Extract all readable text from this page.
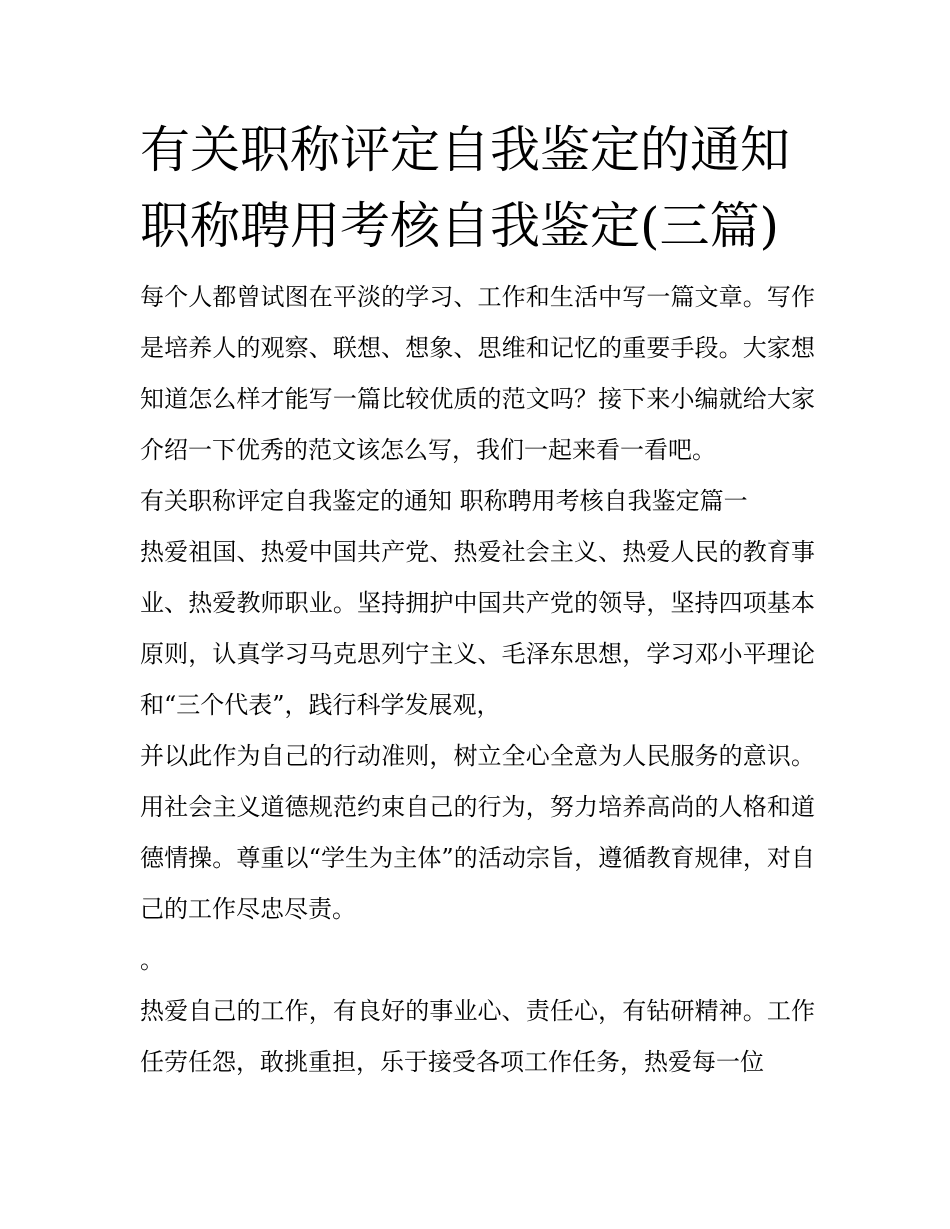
有关职称评定自我鉴定的通知
职称聘用考核自我鉴定(三篇)

每个人都曾试图在平淡的学习、工作和生活中写一篇文章。写作是培养人的观察、联想、想象、思维和记忆的重要手段。大家想知道怎么样才能写一篇比较优质的范文吗？接下来小编就给大家介绍一下优秀的范文该怎么写，我们一起来看一看吧。

有关职称评定自我鉴定的通知 职称聘用考核自我鉴定篇一

热爱祖国、热爱中国共产党、热爱社会主义、热爱人民的教育事业、热爱教师职业。坚持拥护中国共产党的领导，坚持四项基本原则，认真学习马克思列宁主义、毛泽东思想，学习邓小平理论和“三个代表”，践行科学发展观，

并以此作为自己的行动准则，树立全心全意为人民服务的意识。用社会主义道德规范约束自己的行为，努力培养高尚的人格和道德情操。尊重以“学生为主体”的活动宗旨，遵循教育规律，对自己的工作尽忠尽责。

。

热爱自己的工作，有良好的事业心、责任心，有钻研精神。工作任劳任怨，敢挑重担，乐于接受各项工作任务，热爱每一位
